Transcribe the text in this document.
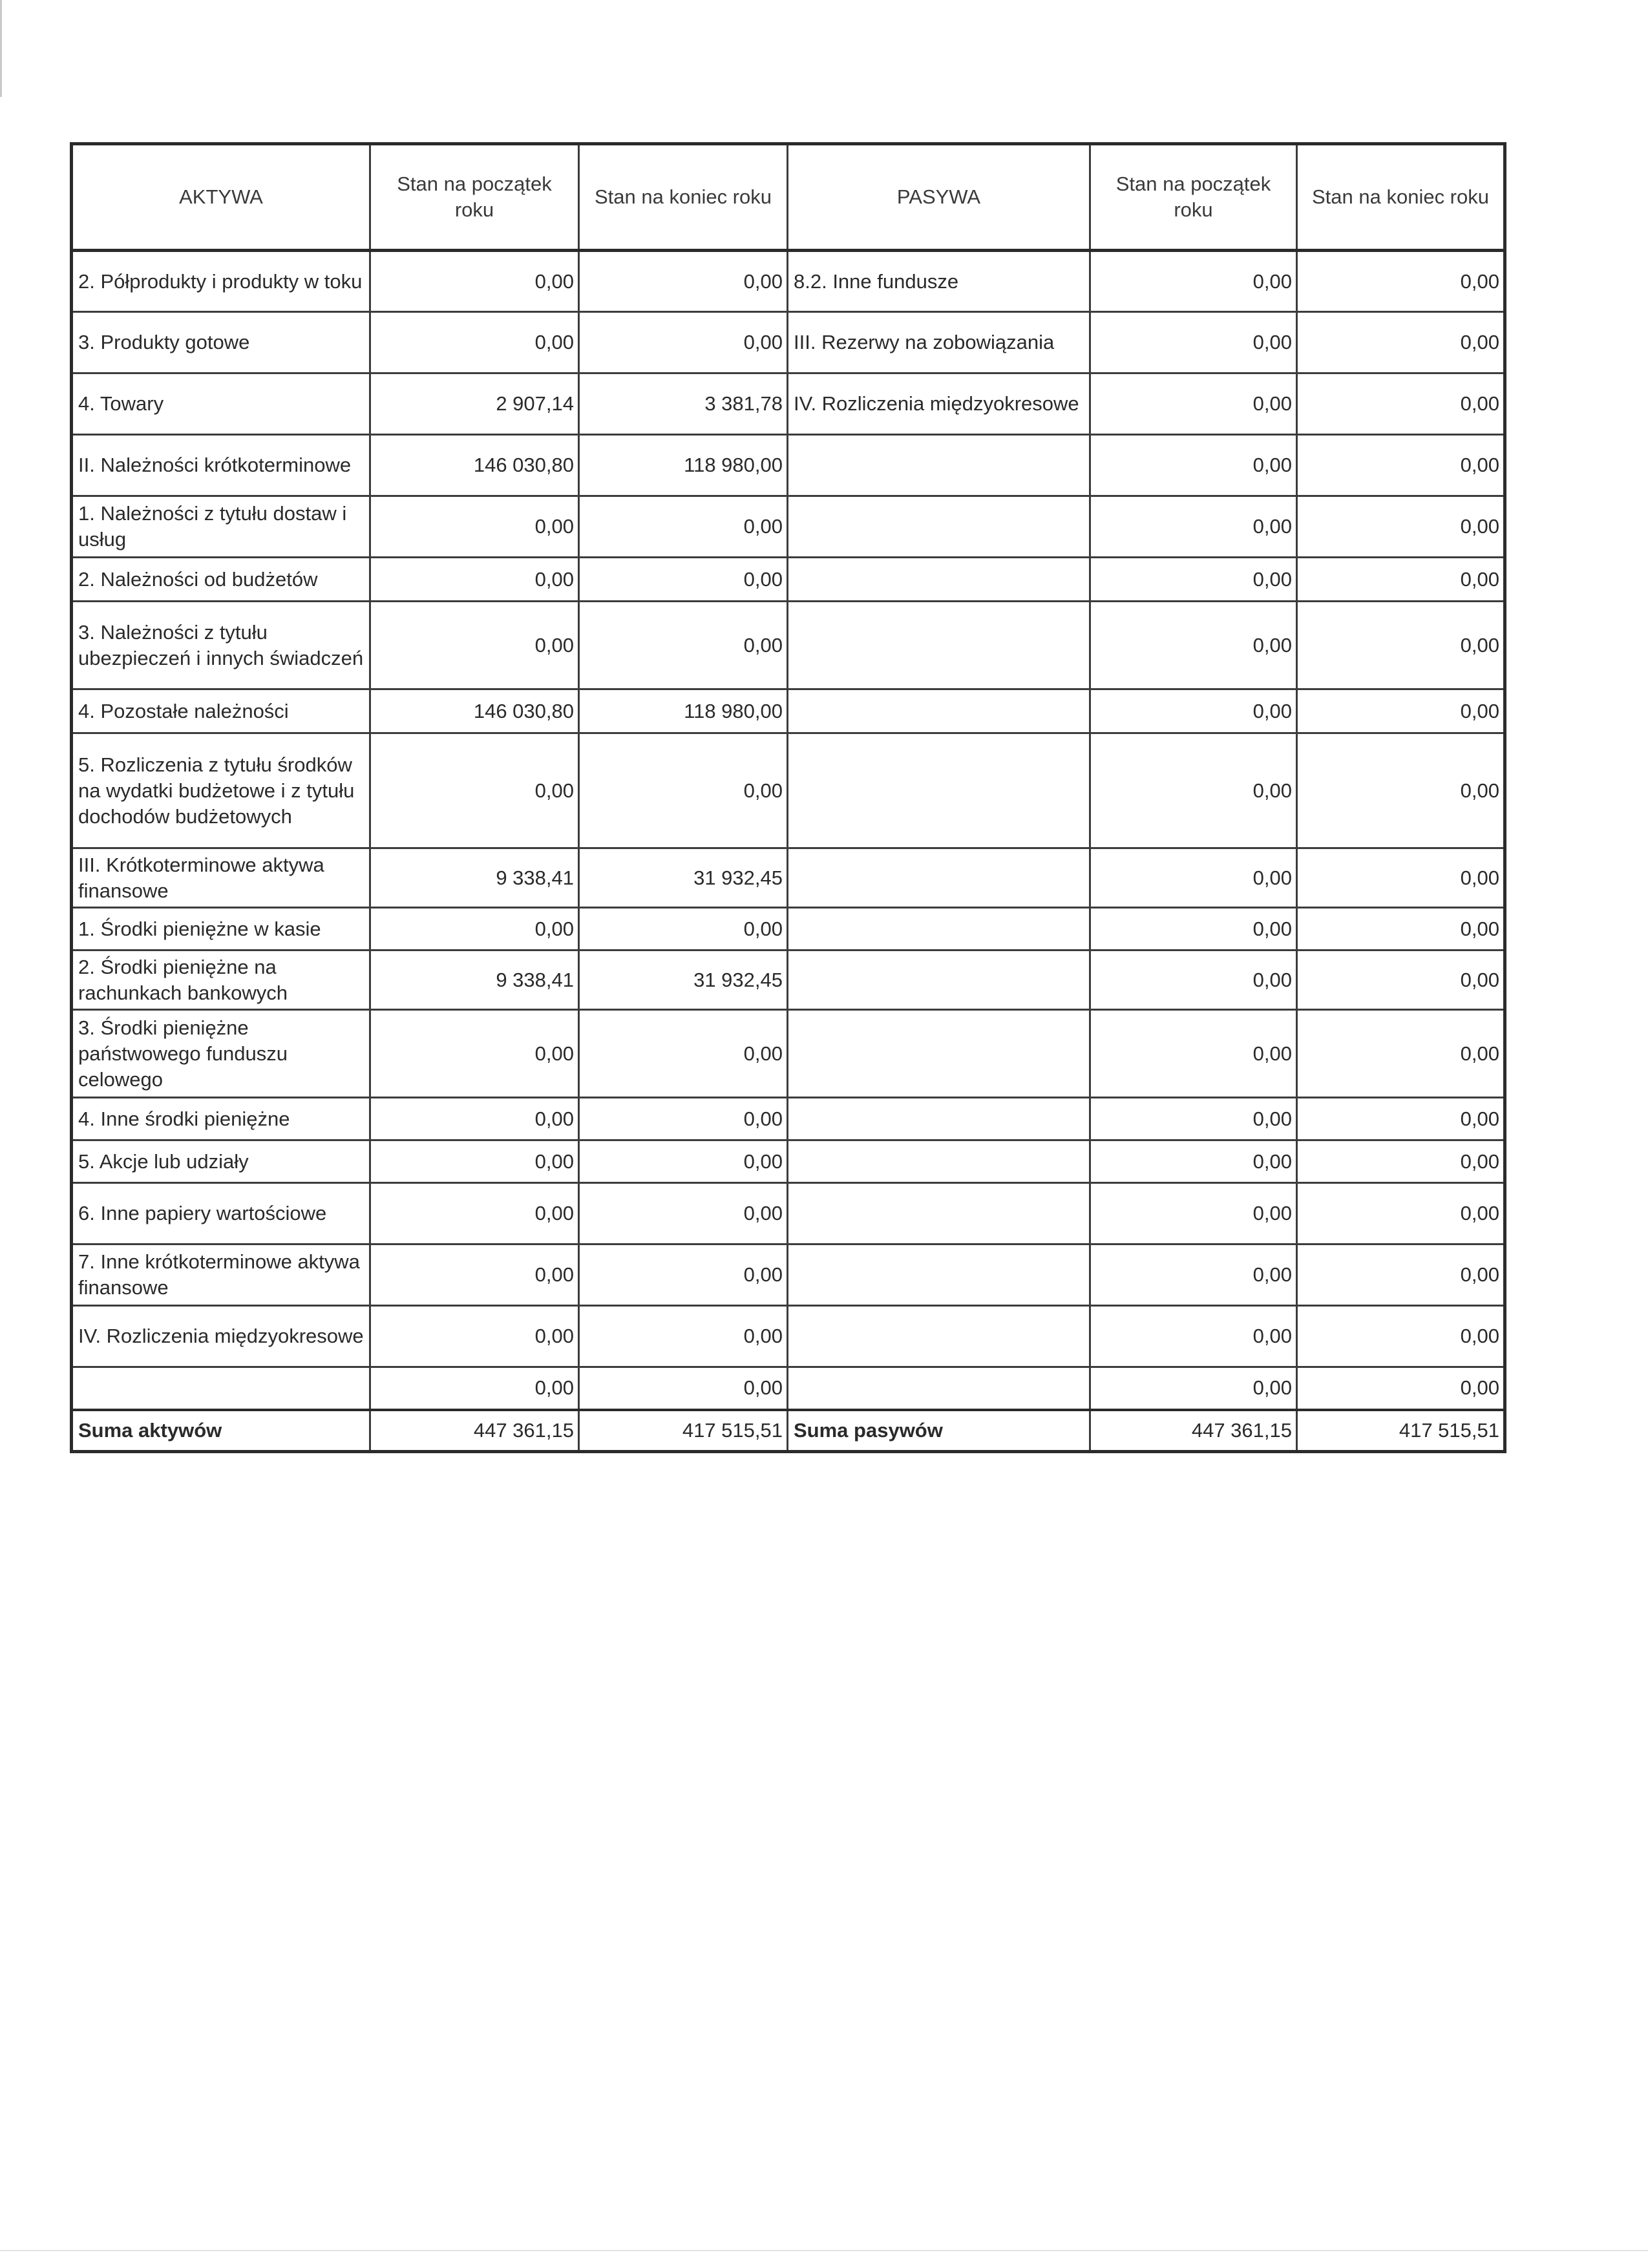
AKTYWA	Stan na początek roku	Stan na koniec roku	PASYWA	Stan na początek roku	Stan na koniec roku
2. Półprodukty i produkty w toku	0,00	0,00	8.2. Inne fundusze	0,00	0,00
3. Produkty gotowe	0,00	0,00	III. Rezerwy na zobowiązania	0,00	0,00
4. Towary	2 907,14	3 381,78	IV. Rozliczenia międzyokresowe	0,00	0,00
II. Należności krótkoterminowe	146 030,80	118 980,00		0,00	0,00
1. Należności z tytułu dostaw i usług	0,00	0,00		0,00	0,00
2. Należności od budżetów	0,00	0,00		0,00	0,00
3. Należności z tytułu ubezpieczeń i innych świadczeń	0,00	0,00		0,00	0,00
4. Pozostałe należności	146 030,80	118 980,00		0,00	0,00
5. Rozliczenia z tytułu środków na wydatki budżetowe i z tytułu dochodów budżetowych	0,00	0,00		0,00	0,00
III. Krótkoterminowe aktywa finansowe	9 338,41	31 932,45		0,00	0,00
1. Środki pieniężne w kasie	0,00	0,00		0,00	0,00
2. Środki pieniężne na rachunkach bankowych	9 338,41	31 932,45		0,00	0,00
3. Środki pieniężne państwowego funduszu celowego	0,00	0,00		0,00	0,00
4. Inne środki pieniężne	0,00	0,00		0,00	0,00
5. Akcje lub udziały	0,00	0,00		0,00	0,00
6. Inne papiery wartościowe	0,00	0,00		0,00	0,00
7. Inne krótkoterminowe aktywa finansowe	0,00	0,00		0,00	0,00
IV. Rozliczenia międzyokresowe	0,00	0,00		0,00	0,00
	0,00	0,00		0,00	0,00
Suma aktywów	447 361,15	417 515,51	Suma pasywów	447 361,15	417 515,51
